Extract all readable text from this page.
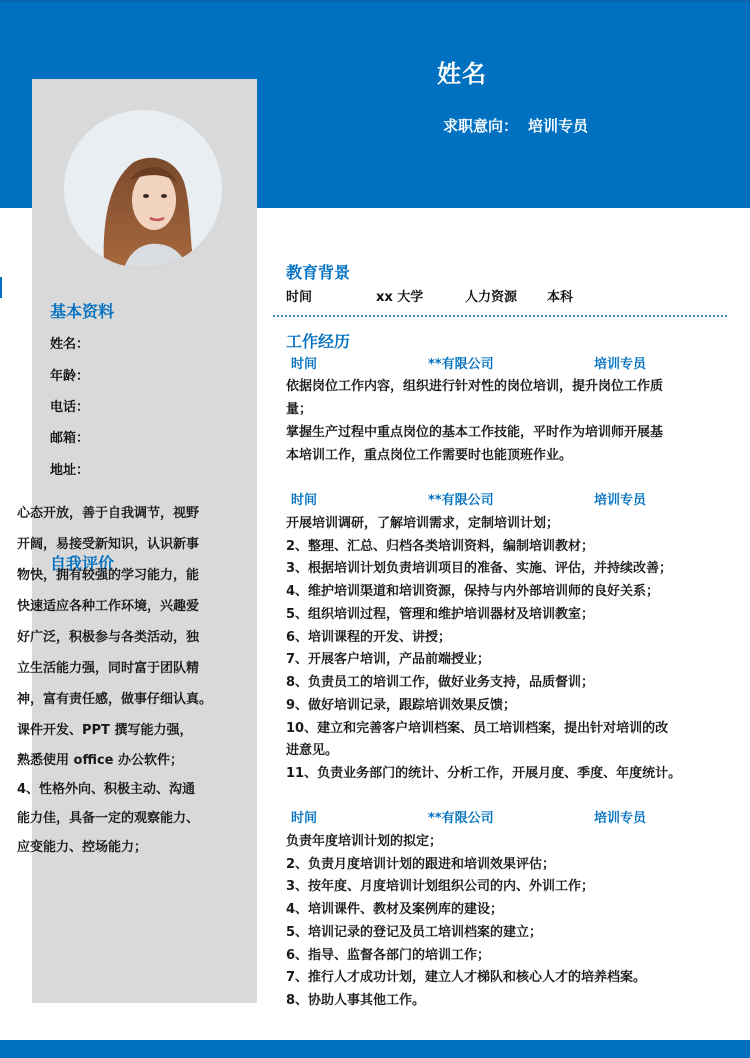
姓名
求职意向： 培训专员
基本资料
姓名：
年龄：
电话：
邮箱：
地址：
自我评价
心态开放，善于自我调节，视野
开阔，易接受新知识，认识新事
物快，拥有较强的学习能力，能
快速适应各种工作环境，兴趣爱
好广泛，积极参与各类活动，独
立生活能力强，同时富于团队精
神，富有责任感，做事仔细认真。
课件开发、PPT 撰写能力强，
熟悉使用 office 办公软件；
4、性格外向、积极主动、沟通
能力佳，具备一定的观察能力、
应变能力、控场能力；
教育背景
时间	xx 大学	人力资源 本科
工作经历
时间	**有限公司	培训专员
依据岗位工作内容，组织进行针对性的岗位培训，提升岗位工作质
量；
掌握生产过程中重点岗位的基本工作技能，平时作为培训师开展基
本培训工作，重点岗位工作需要时也能顶班作业。
时间	**有限公司	培训专员
开展培训调研，了解培训需求，定制培训计划；
2、整理、汇总、归档各类培训资料，编制培训教材；
3、根据培训计划负责培训项目的准备、实施、评估，并持续改善；
4、维护培训渠道和培训资源，保持与内外部培训师的良好关系；
5、组织培训过程，管理和维护培训器材及培训教室；
6、培训课程的开发、讲授；
7、开展客户培训，产品前端授业；
8、负责员工的培训工作，做好业务支持，品质督训；
9、做好培训记录，跟踪培训效果反馈；
10、建立和完善客户培训档案、员工培训档案，提出针对培训的改
进意见。
11、负责业务部门的统计、分析工作，开展月度、季度、年度统计。
时间	**有限公司	培训专员
负责年度培训计划的拟定；
2、负责月度培训计划的跟进和培训效果评估；
3、按年度、月度培训计划组织公司的内、外训工作；
4、培训课件、教材及案例库的建设；
5、培训记录的登记及员工培训档案的建立；
6、指导、监督各部门的培训工作；
7、推行人才成功计划，建立人才梯队和核心人才的培养档案。
8、协助人事其他工作。
